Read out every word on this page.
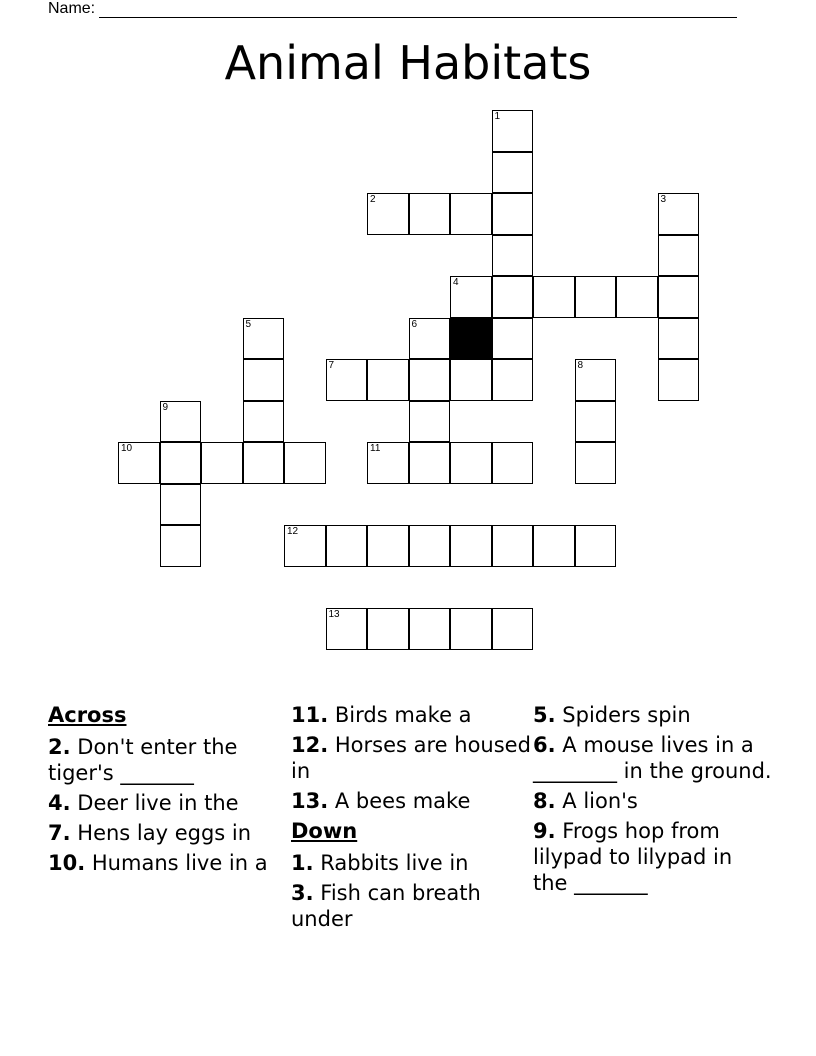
Name:
Animal Habitats
1
2	3
4
5	6
7	8
9
10	11
12
13
Across
2. Don't enter the tiger's _______
4. Deer live in the
7. Hens lay eggs in
10. Humans live in a
11. Birds make a
12. Horses are housed in
13. A bees make
Down
1. Rabbits live in
3. Fish can breath under
5. Spiders spin
6. A mouse lives in a ________ in the ground.
8. A lion's
9. Frogs hop from lilypad to lilypad in the _______
